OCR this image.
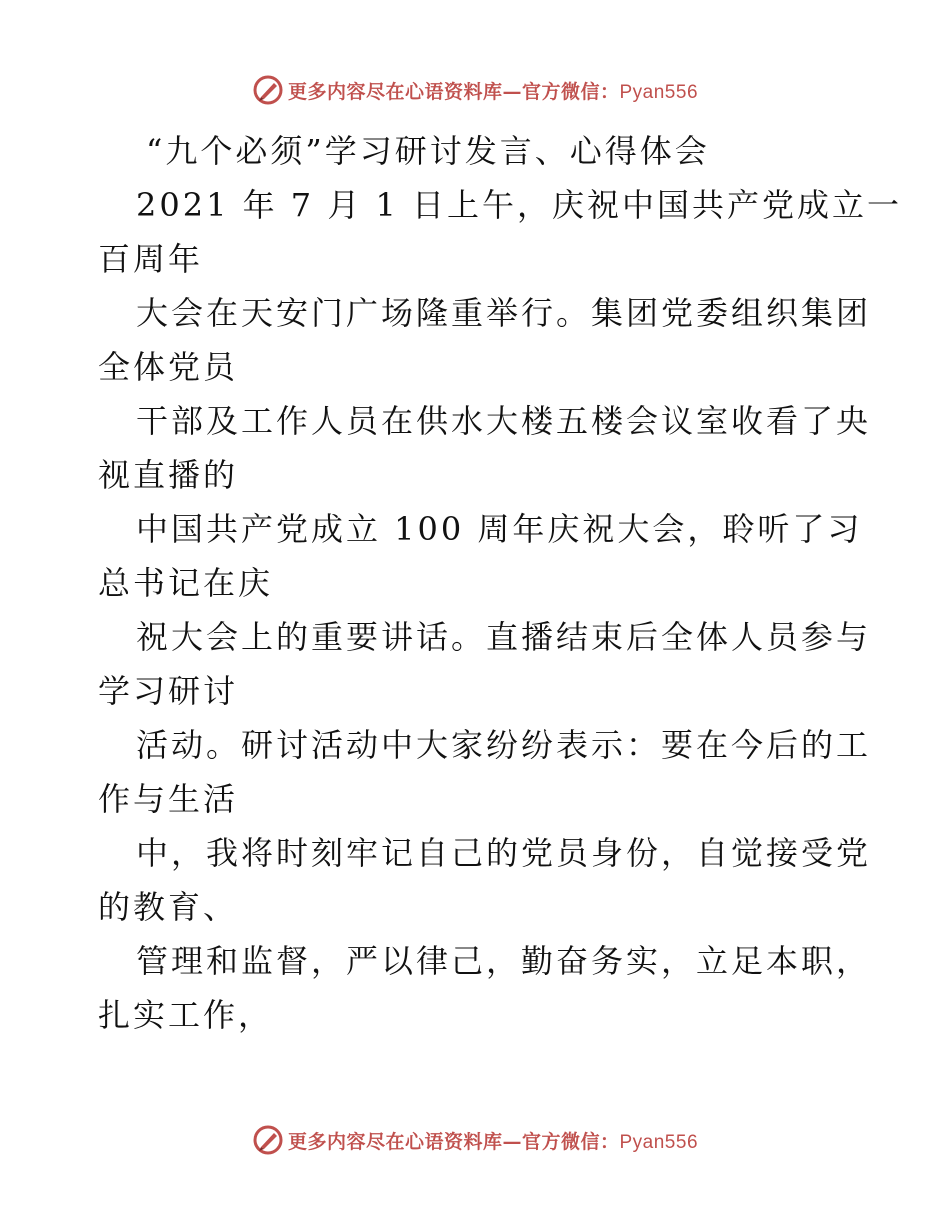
更多内容尽在心语资料库—官方微信：Pyan556
“九个必须”学习研讨发言、心得体会
2021 年 7 月 1 日上午，庆祝中国共产党成立一
百周年
大会在天安门广场隆重举行。集团党委组织集团
全体党员
干部及工作人员在供水大楼五楼会议室收看了央
视直播的
中国共产党成立 100 周年庆祝大会，聆听了习
总书记在庆
祝大会上的重要讲话。直播结束后全体人员参与
学习研讨
活动。研讨活动中大家纷纷表示：要在今后的工
作与生活
中，我将时刻牢记自己的党员身份，自觉接受党
的教育、
管理和监督，严以律己，勤奋务实，立足本职，
扎实工作，
更多内容尽在心语资料库—官方微信：Pyan556
